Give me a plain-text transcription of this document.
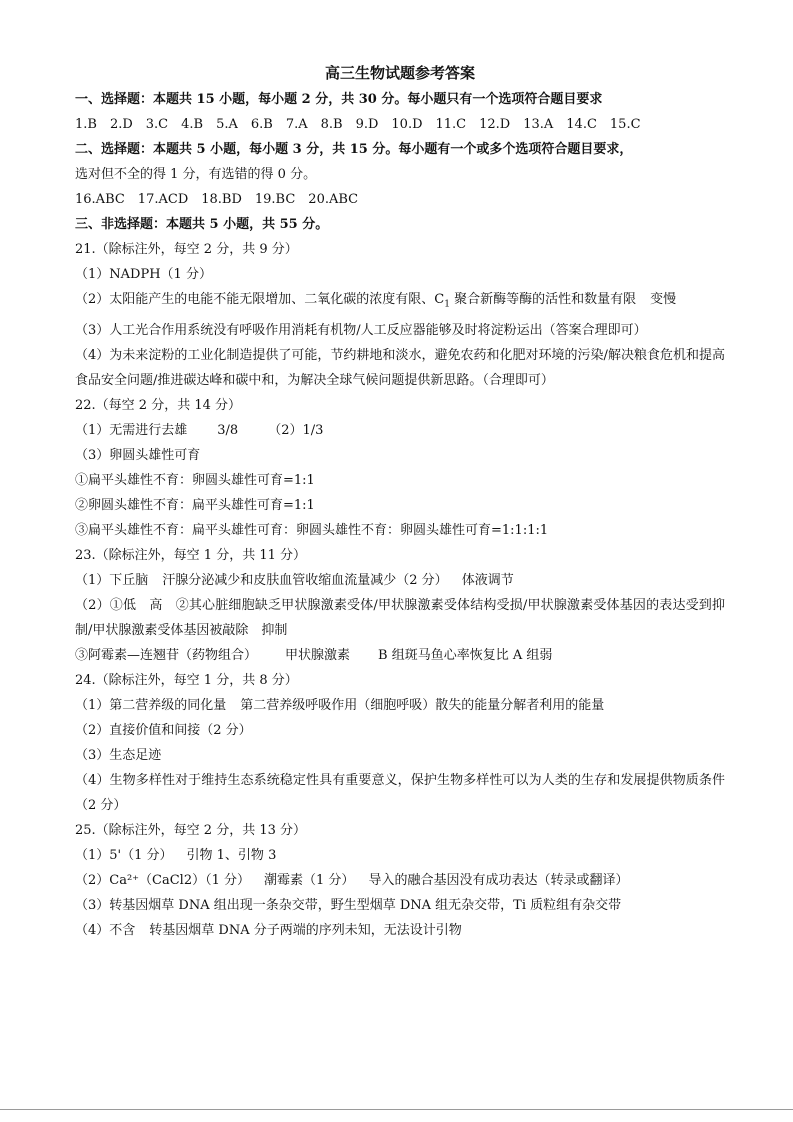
高三生物试题参考答案
一、选择题：本题共 15 小题，每小题 2 分，共 30 分。每小题只有一个选项符合题目要求
1.B　2.D　3.C　4.B　5.A　6.B　7.A　8.B　9.D　10.D　11.C　12.D　13.A　14.C　15.C
二、选择题：本题共 5 小题，每小题 3 分，共 15 分。每小题有一个或多个选项符合题目要求，
选对但不全的得 1 分，有选错的得 0 分。
16.ABC　17.ACD　18.BD　19.BC　20.ABC
三、非选择题：本题共 5 小题，共 55 分。
21.（除标注外，每空 2 分，共 9 分）
（1）NADPH（1 分）
（2）太阳能产生的电能不能无限增加、二氧化碳的浓度有限、$C_1$ 聚合新酶等酶的活性和数量有限 变慢
（3）人工光合作用系统没有呼吸作用消耗有机物/人工反应器能够及时将淀粉运出（答案合理即可）
（4）为未来淀粉的工业化制造提供了可能，节约耕地和淡水，避免农药和化肥对环境的污染/解决粮食危机和提高食品安全问题/推进碳达峰和碳中和，为解决全球气候问题提供新思路。（合理即可）
22.（每空 2 分，共 14 分）
（1）无需进行去雄 3/8 （2）1/3
（3）卵圆头雄性可育
①扁平头雄性不育：卵圆头雄性可育=1:1
②卵圆头雄性不育：扁平头雄性可育=1:1
③扁平头雄性不育：扁平头雄性可育：卵圆头雄性不育：卵圆头雄性可育=1:1:1:1
23.（除标注外，每空 1 分，共 11 分）
（1）下丘脑 汗腺分泌减少和皮肤血管收缩血流量减少（2 分） 体液调节
（2）①低　高　②其心脏细胞缺乏甲状腺激素受体/甲状腺激素受体结构受损/甲状腺激素受体基因的表达受到抑制/甲状腺激素受体基因被敲除　抑制
③阿霉素—连翘苷（药物组合） 甲状腺激素 B 组斑马鱼心率恢复比 A 组弱
24.（除标注外，每空 1 分，共 8 分）
（1）第二营养级的同化量 第二营养级呼吸作用（细胞呼吸）散失的能量分解者利用的能量
（2）直接价值和间接（2 分）
（3）生态足迹
（4）生物多样性对于维持生态系统稳定性具有重要意义，保护生物多样性可以为人类的生存和发展提供物质条件（2 分）
25.（除标注外，每空 2 分，共 13 分）
（1）5'（1 分） 引物 1、引物 3
（2）Ca²⁺（CaCl2）（1 分） 潮霉素（1 分） 导入的融合基因没有成功表达（转录或翻译）
（3）转基因烟草 DNA 组出现一条杂交带，野生型烟草 DNA 组无杂交带，Ti 质粒组有杂交带
（4）不含 转基因烟草 DNA 分子两端的序列未知，无法设计引物
